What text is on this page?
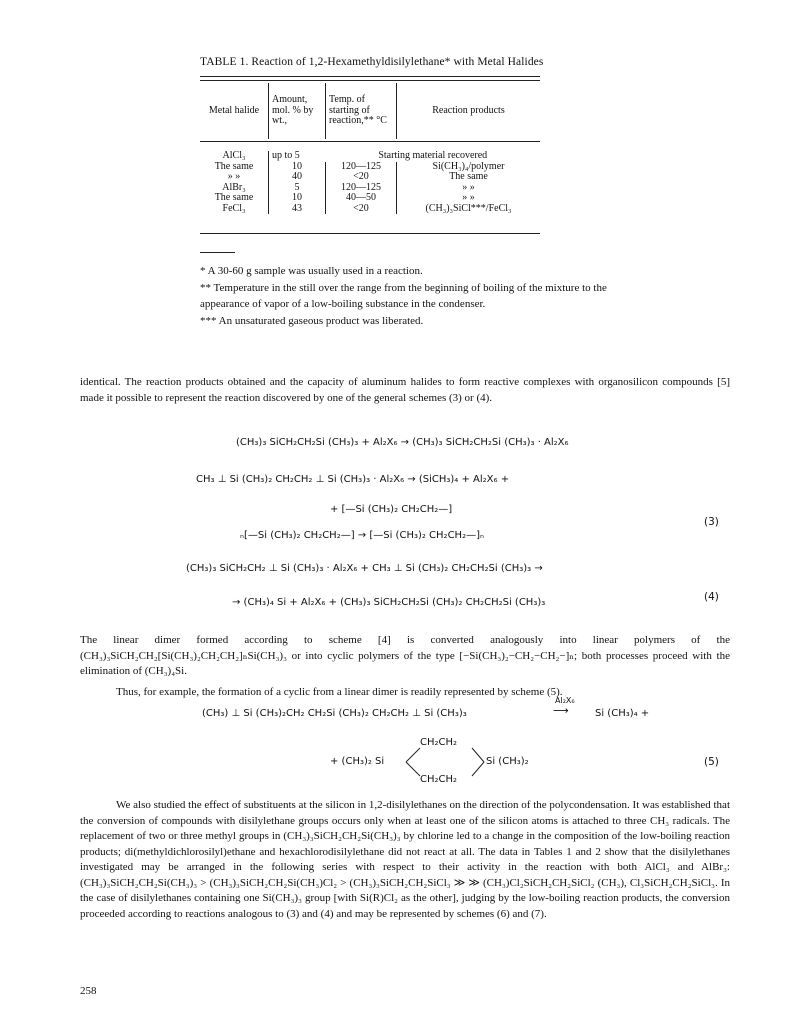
TABLE 1. Reaction of 1,2-Hexamethyldisilylethane* with Metal Halides
Metal halide	Amount, mol. % by wt.,	Temp. of starting of reaction,** °C	Reaction products

AlCl₃	up to 5	Starting material recovered	
The same	10	120—125	Si(CH₃)₄/polymer
» »	40	<20	The same
AlBr₃	5	120—125	» »
The same	10	40—50	» »
FeCl₃	43	<20	(CH₃)₃SiCl***/FeCl₃

* A 30-60 g sample was usually used in a reaction.

** Temperature in the still over the range from the beginning of boiling of the mixture to the appearance of vapor of a low-boiling substance in the condenser.

*** An unsaturated gaseous product was liberated.

identical. The reaction products obtained and the capacity of aluminum halides to form reactive complexes with organosilicon compounds [5] made it possible to represent the reaction discovered by one of the general schemes (3) or (4).

(CH₃)₃ SiCH₂CH₂Si (CH₃)₃ + Al₂X₆ → (CH₃)₃ SiCH₂CH₂Si (CH₃)₃ · Al₂X₆
CH₃ ⊥ Si (CH₃)₂ CH₂CH₂ ⊥ Si (CH₃)₃ · Al₂X₆ → (SiCH₃)₄ + Al₂X₆ +
+ [—Si (CH₃)₂ CH₂CH₂—]
ₙ[—Si (CH₃)₂ CH₂CH₂—] → [—Si (CH₃)₂ CH₂CH₂—]ₙ
(3)
(CH₃)₃ SiCH₂CH₂ ⊥ Si (CH₃)₃ · Al₂X₆ + CH₃ ⊥ Si (CH₃)₂ CH₂CH₂Si (CH₃)₃ →
→ (CH₃)₄ Si + Al₂X₆ + (CH₃)₃ SiCH₂CH₂Si (CH₃)₂ CH₂CH₂Si (CH₃)₃	(4)

The linear dimer formed according to scheme [4] is converted analogously into linear polymers of the (CH₃)₃SiCH₂CH₂[Si(CH₃)₂CH₂CH₂]ₙSi(CH₃)₃ or into cyclic polymers of the type [−Si(CH₃)₂−CH₂−CH₂−]ₙ; both processes proceed with the elimination of (CH₃)₄Si.

Thus, for example, the formation of a cyclic from a linear dimer is readily represented by scheme (5).

(CH₃) ⊥ Si (CH₃)₂CH₂ CH₂Si (CH₃)₂ CH₂CH₂ ⊥ Si (CH₃)₃
Al₂X₆
⟶	Si (CH₃)₄ +
+ (CH₃)₂ Si
CH₂CH₂
CH₂CH₂
Si (CH₃)₂	(5)

We also studied the effect of substituents at the silicon in 1,2-disilylethanes on the direction of the polycondensation. It was established that the conversion of compounds with disilylethane groups occurs only when at least one of the silicon atoms is attached to three CH₃ radicals. The replacement of two or three methyl groups in (CH₃)₃SiCH₂CH₂Si(CH₃)₃ by chlorine led to a change in the composition of the low-boiling reaction products; di(methyldichlorosilyl)ethane and hexachlorodisilylethane did not react at all. The data in Tables 1 and 2 show that the disilylethanes investigated may be arranged in the following series with respect to their activity in the reaction with both AlCl₃ and AlBr₃: (CH₃)₃SiCH₂CH₂Si(CH₃)₃ > (CH₃)₃SiCH₂CH₂Si(CH₃)Cl₂ > (CH₃)₃SiCH₂CH₂SiCl₃ ≫ ≫ (CH₃)Cl₂SiCH₂CH₂SiCl₂ (CH₃), Cl₃SiCH₂CH₂SiCl₃. In the case of disilylethanes containing one Si(CH₃)₃ group [with Si(R)Cl₂ as the other], judging by the low-boiling reaction products, the conversion proceeded according to reactions analogous to (3) and (4) and may be represented by schemes (6) and (7).

258
